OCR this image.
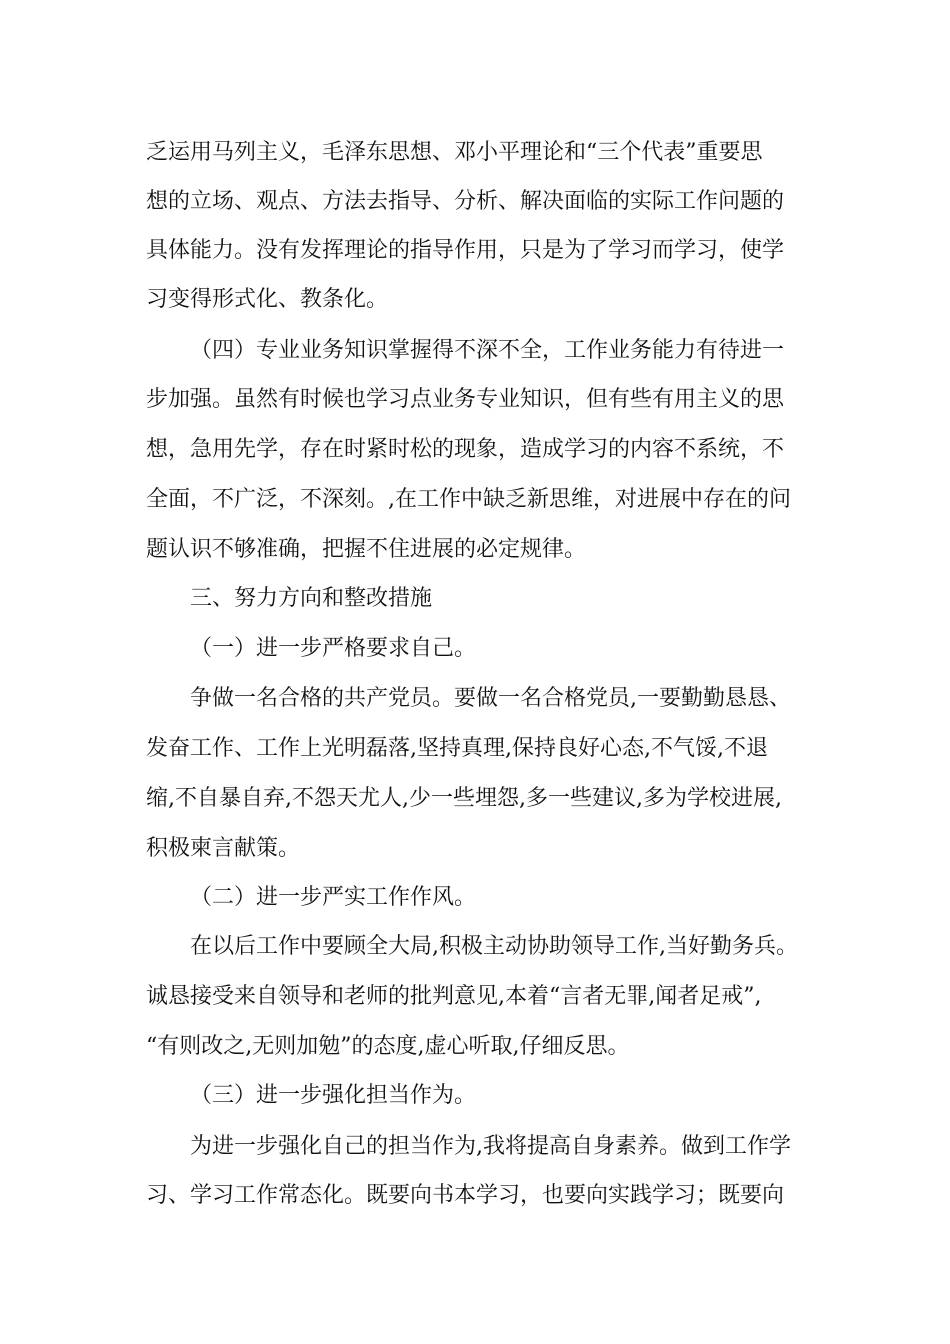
乏运用马列主义，毛泽东思想、邓小平理论和“三个代表”重要思
想的立场、观点、方法去指导、分析、解决面临的实际工作问题的
具体能力。没有发挥理论的指导作用，只是为了学习而学习，使学
习变得形式化、教条化。
（四）专业业务知识掌握得不深不全，工作业务能力有待进一
步加强。虽然有时候也学习点业务专业知识，但有些有用主义的思
想，急用先学，存在时紧时松的现象，造成学习的内容不系统，不
全面，不广泛，不深刻。,在工作中缺乏新思维，对进展中存在的问
题认识不够准确，把握不住进展的必定规律。
三、努力方向和整改措施
（一）进一步严格要求自己。
争做一名合格的共产党员。要做一名合格党员,一要勤勤恳恳、
发奋工作、工作上光明磊落,坚持真理,保持良好心态,不气馁,不退
缩,不自暴自弃,不怨天尤人,少一些埋怨,多一些建议,多为学校进展,
积极柬言献策。
（二）进一步严实工作作风。
在以后工作中要顾全大局,积极主动协助领导工作,当好勤务兵。
诚恳接受来自领导和老师的批判意见,本着“言者无罪,闻者足戒”,
“有则改之,无则加勉”的态度,虚心听取,仔细反思。
（三）进一步强化担当作为。
为进一步强化自己的担当作为,我将提高自身素养。做到工作学
习、学习工作常态化。既要向书本学习，也要向实践学习；既要向
